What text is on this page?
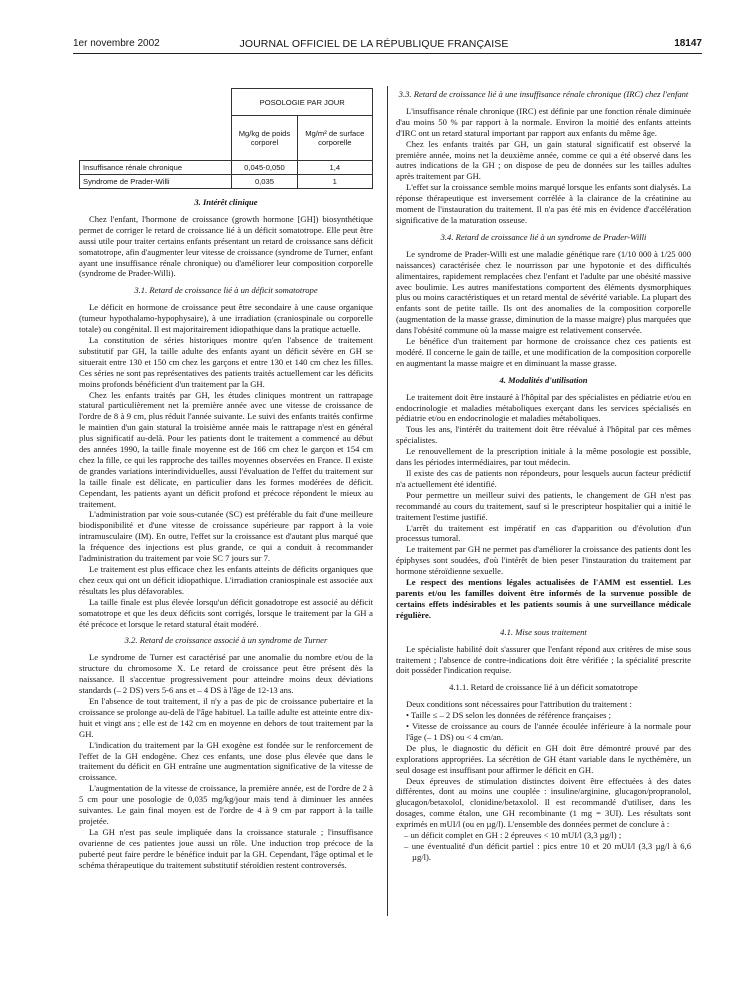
1er novembre 2002	JOURNAL OFFICIEL DE LA RÉPUBLIQUE FRANÇAISE	18147
	POSOLOGIE PAR JOUR	
	Mg/kg de poids corporel	Mg/m² de surface corporelle
Insuffisance rénale chronique	0,045-0,050	1,4
Syndrome de Prader-Willi	0,035	1
3. Intérêt clinique

Chez l'enfant, l'hormone de croissance (growth hormone [GH]) biosynthétique permet de corriger le retard de croissance lié à un déficit somatotrope. Elle peut être aussi utile pour traiter certains enfants présentant un retard de croissance sans déficit somatotrope, afin d'augmenter leur vitesse de croissance (syndrome de Turner, enfant ayant une insuffisance rénale chronique) ou d'améliorer leur composition corporelle (syndrome de Prader-Willi).

3.1. Retard de croissance lié à un déficit somatotrope

Le déficit en hormone de croissance peut être secondaire à une cause organique (tumeur hypothalamo-hypophysaire), à une irradiation (craniospinale ou corporelle totale) ou congénital. Il est majoritairement idiopathique dans la pratique actuelle.

La constitution de séries historiques montre qu'en l'absence de traitement substitutif par GH, la taille adulte des enfants ayant un déficit sévère en GH se situerait entre 130 et 150 cm chez les garçons et entre 130 et 140 cm chez les filles. Ces séries ne sont pas représentatives des patients traités actuellement car les déficits moins profonds bénéficient d'un traitement par la GH.

Chez les enfants traités par GH, les études cliniques montrent un rattrapage statural particulièrement net la première année avec une vitesse de croissance de l'ordre de 8 à 9 cm, plus réduit l'année suivante. Le suivi des enfants traités confirme le maintien d'un gain statural la troisième année mais le rattrapage n'est en général plus significatif au-delà. Pour les patients dont le traitement a commencé au début des années 1990, la taille finale moyenne est de 166 cm chez le garçon et 154 cm chez la fille, ce qui les rapproche des tailles moyennes observées en France. Il existe de grandes variations interindividuelles, aussi l'évaluation de l'effet du traitement sur la taille finale est délicate, en particulier dans les formes modérées de déficit. Cependant, les patients ayant un déficit profond et précoce répondent le mieux au traitement.

L'administration par voie sous-cutanée (SC) est préférable du fait d'une meilleure biodisponibilité et d'une vitesse de croissance supérieure par rapport à la voie intramusculaire (IM). En outre, l'effet sur la croissance est d'autant plus marqué que la fréquence des injections est plus grande, ce qui a conduit à recommander l'administration du traitement par voie SC 7 jours sur 7.

Le traitement est plus efficace chez les enfants atteints de déficits organiques que chez ceux qui ont un déficit idiopathique. L'irradiation craniospinale est associée aux résultats les plus défavorables.

La taille finale est plus élevée lorsqu'un déficit gonadotrope est associé au déficit somatotrope et que les deux déficits sont corrigés, lorsque le traitement par la GH a été précoce et lorsque le retard statural était modéré.

3.2. Retard de croissance associé à un syndrome de Turner

Le syndrome de Turner est caractérisé par une anomalie du nombre et/ou de la structure du chromosome X. Le retard de croissance peut être présent dès la naissance. Il s'accentue progressivement pour atteindre moins deux déviations standards (– 2 DS) vers 5-6 ans et – 4 DS à l'âge de 12-13 ans.

En l'absence de tout traitement, il n'y a pas de pic de croissance pubertaire et la croissance se prolonge au-delà de l'âge habituel. La taille adulte est atteinte entre dix-huit et vingt ans ; elle est de 142 cm en moyenne en dehors de tout traitement par la GH.

L'indication du traitement par la GH exogène est fondée sur le renforcement de l'effet de la GH endogène. Chez ces enfants, une dose plus élevée que dans le traitement du déficit en GH entraîne une augmentation significative de la vitesse de croissance.

L'augmentation de la vitesse de croissance, la première année, est de l'ordre de 2 à 5 cm pour une posologie de 0,035 mg/kg/jour mais tend à diminuer les années suivantes. Le gain final moyen est de l'ordre de 4 à 9 cm par rapport à la taille projetée.

La GH n'est pas seule impliquée dans la croissance staturale ; l'insuffisance ovarienne de ces patientes joue aussi un rôle. Une induction trop précoce de la puberté peut faire perdre le bénéfice induit par la GH. Cependant, l'âge optimal et le schéma thérapeutique du traitement substitutif stéroïdien restent controversés.

3.3. Retard de croissance lié à une insuffisance rénale chronique (IRC) chez l'enfant

L'insuffisance rénale chronique (IRC) est définie par une fonction rénale diminuée d'au moins 50 % par rapport à la normale. Environ la moitié des enfants atteints d'IRC ont un retard statural important par rapport aux enfants du même âge.

Chez les enfants traités par GH, un gain statural significatif est observé la première année, moins net la deuxième année, comme ce qui a été observé dans les autres indications de la GH ; on dispose de peu de données sur les tailles adultes après traitement par GH.

L'effet sur la croissance semble moins marqué lorsque les enfants sont dialysés. La réponse thérapeutique est inversement corrélée à la clairance de la créatinine au moment de l'instauration du traitement. Il n'a pas été mis en évidence d'accélération significative de la maturation osseuse.

3.4. Retard de croissance lié à un syndrome de Prader-Willi

Le syndrome de Prader-Willi est une maladie génétique rare (1/10 000 à 1/25 000 naissances) caractérisée chez le nourrisson par une hypotonie et des difficultés alimentaires, rapidement remplacées chez l'enfant et l'adulte par une obésité massive avec boulimie. Les autres manifestations comportent des éléments dysmorphiques plus ou moins caractéristiques et un retard mental de sévérité variable. La plupart des enfants sont de petite taille. Ils ont des anomalies de la composition corporelle (augmentation de la masse grasse, diminution de la masse maigre) plus marquées que dans l'obésité commune où la masse maigre est relativement conservée.

Le bénéfice d'un traitement par hormone de croissance chez ces patients est modéré. Il concerne le gain de taille, et une modification de la composition corporelle en augmentant la masse maigre et en diminuant la masse grasse.

4. Modalités d'utilisation

Le traitement doit être instauré à l'hôpital par des spécialistes en pédiatrie et/ou en endocrinologie et maladies métaboliques exerçant dans les services spécialisés en pédiatrie et/ou en endocrinologie et maladies métaboliques.

Tous les ans, l'intérêt du traitement doit être réévalué à l'hôpital par ces mêmes spécialistes.

Le renouvellement de la prescription initiale à la même posologie est possible, dans les périodes intermédiaires, par tout médecin.

Il existe des cas de patients non répondeurs, pour lesquels aucun facteur prédictif n'a actuellement été identifié.

Pour permettre un meilleur suivi des patients, le changement de GH n'est pas recommandé au cours du traitement, sauf si le prescripteur hospitalier qui a initié le traitement l'estime justifié.

L'arrêt du traitement est impératif en cas d'apparition ou d'évolution d'un processus tumoral.

Le traitement par GH ne permet pas d'améliorer la croissance des patients dont les épiphyses sont soudées, d'où l'intérêt de bien peser l'instauration du traitement par hormone stéroïdienne sexuelle.

Le respect des mentions légales actualisées de l'AMM est essentiel. Les parents et/ou les familles doivent être informés de la survenue possible de certains effets indésirables et les patients soumis à une surveillance médicale régulière.

4.1. Mise sous traitement

Le spécialiste habilité doit s'assurer que l'enfant répond aux critères de mise sous traitement ; l'absence de contre-indications doit être vérifiée ; la spécialité prescrite doit posséder l'indication requise.

4.1.1. Retard de croissance lié à un déficit somatotrope

Deux conditions sont nécessaires pour l'attribution du traitement :

• Taille ≤ – 2 DS selon les données de référence françaises ;
• Vitesse de croissance au cours de l'année écoulée inférieure à la normale pour l'âge (– 1 DS) ou < 4 cm/an.

De plus, le diagnostic du déficit en GH doit être démontré prouvé par des explorations appropriées. La sécrétion de GH étant variable dans le nycthémère, un seul dosage est insuffisant pour affirmer le déficit en GH.

Deux épreuves de stimulation distinctes doivent être effectuées à des dates différentes, dont au moins une couplée : insuline/arginine, glucagon/propranolol, glucagon/betaxolol, clonidine/betaxolol. Il est recommandé d'utiliser, dans les dosages, comme étalon, une GH recombinante (1 mg = 3UI). Les résultats sont exprimés en mUI/l (ou en µg/l). L'ensemble des données permet de conclure à :

– un déficit complet en GH : 2 épreuves < 10 mUI/l (3,3 µg/l) ;
– une éventualité d'un déficit partiel : pics entre 10 et 20 mUI/l (3,3 µg/l à 6,6 µg/l).
